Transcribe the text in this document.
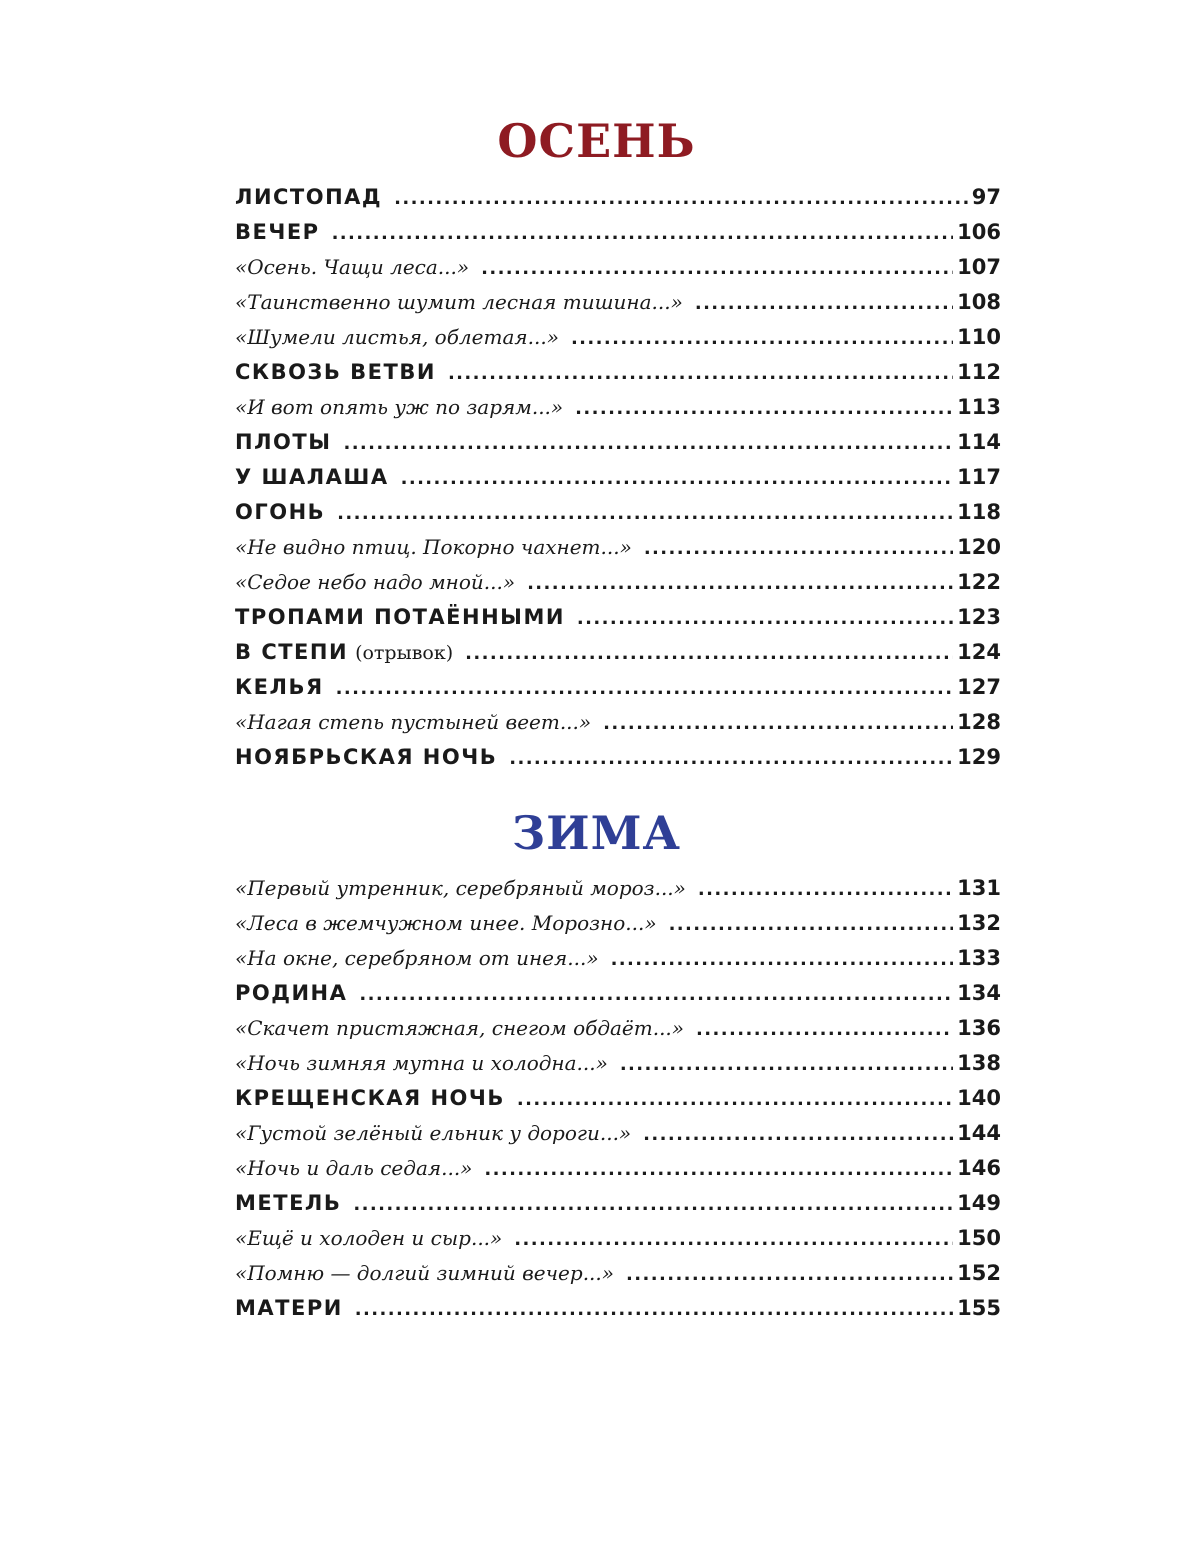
ОСЕНЬ
ЛИСТОПАД .....	97
ВЕЧЕР .....	106
«Осень. Чащи леса...» .....	107
«Таинственно шумит лесная тишина...» .....	108
«Шумели листья, облетая...» .....	110
СКВОЗЬ ВЕТВИ .....	112
«И вот опять уж по зарям...» .....	113
ПЛОТЫ .....	114
У ШАЛАША .....	117
ОГОНЬ .....	118
«Не видно птиц. Покорно чахнет...» .....	120
«Седое небо надо мной...» .....	122
ТРОПАМИ ПОТАЁННЫМИ .....	123
В СТЕПИ (отрывок) .....	124
КЕЛЬЯ .....	127
«Нагая степь пустыней веет...» .....	128
НОЯБРЬСКАЯ НОЧЬ .....	129
ЗИМА
«Первый утренник, серебряный мороз...» .....	131
«Леса в жемчужном инее. Морозно...» .....	132
«На окне, серебряном от инея...» .....	133
РОДИНА .....	134
«Скачет пристяжная, снегом обдаёт...» .....	136
«Ночь зимняя мутна и холодна...» .....	138
КРЕЩЕНСКАЯ НОЧЬ .....	140
«Густой зелёный ельник у дороги...» .....	144
«Ночь и даль седая...» .....	146
МЕТЕЛЬ .....	149
«Ещё и холоден и сыр...» .....	150
«Помню — долгий зимний вечер...» .....	152
МАТЕРИ .....	155
